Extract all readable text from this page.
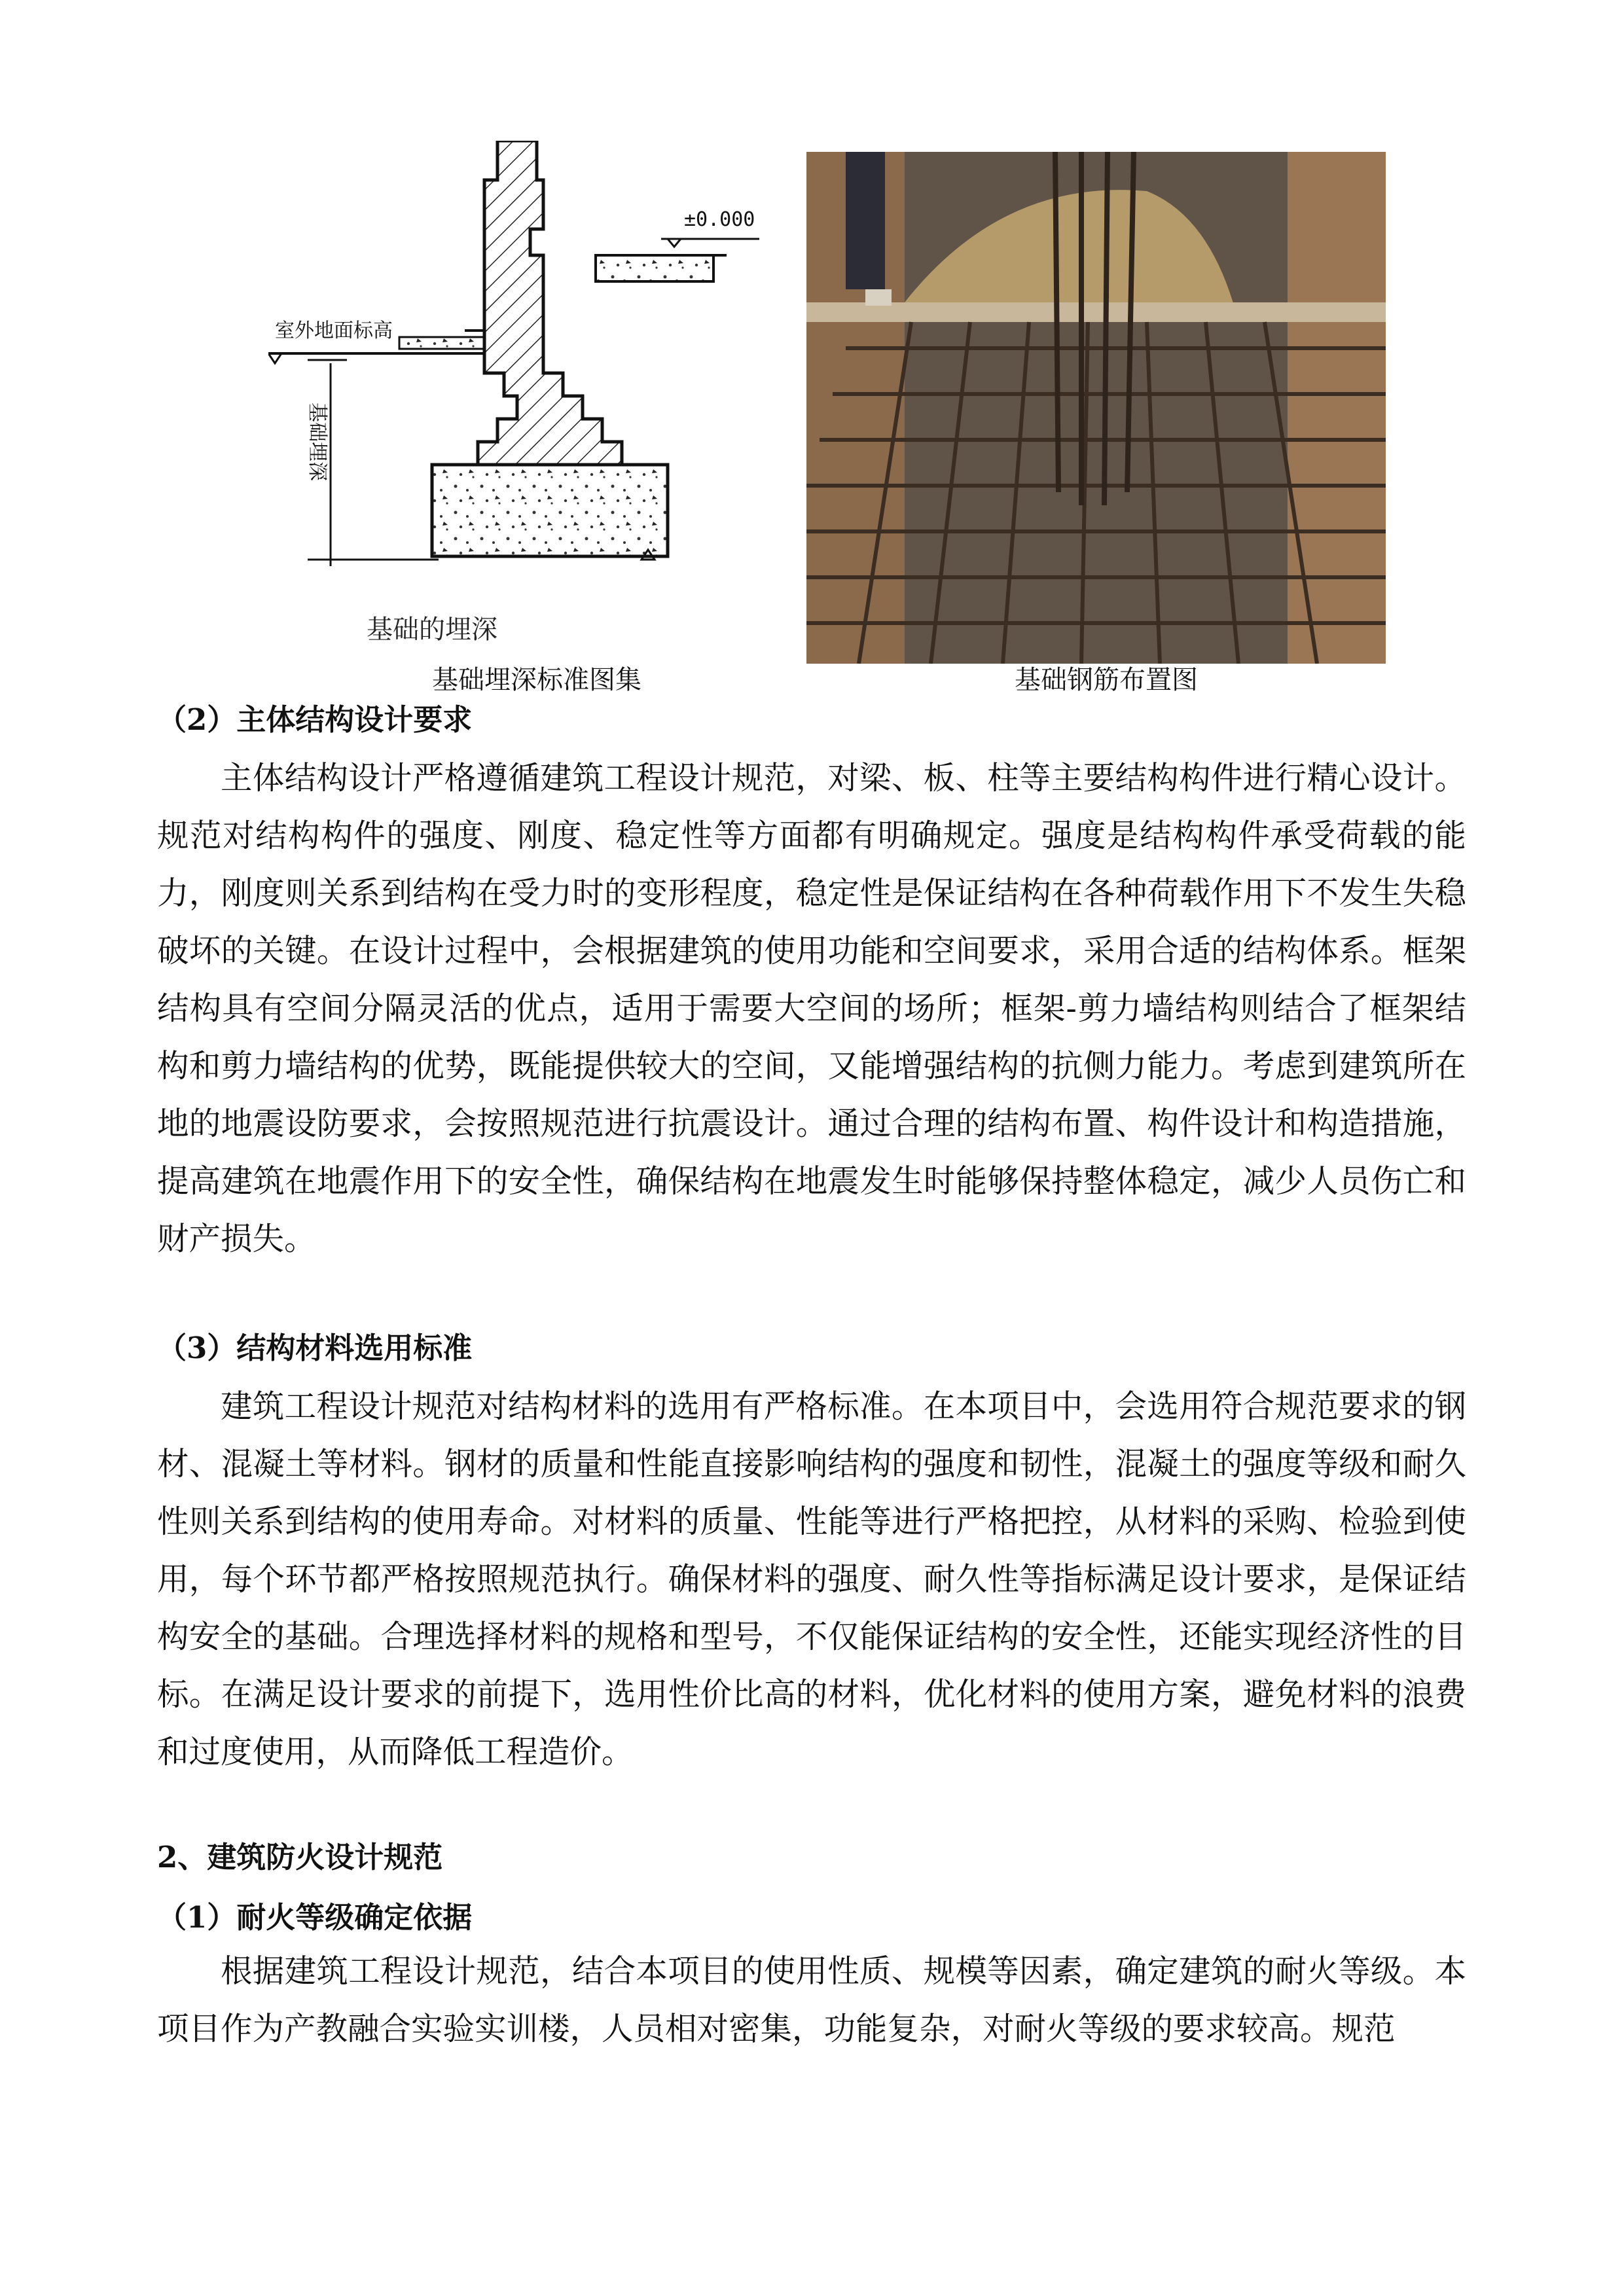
±0.000
室外地面标高
基础埋深
基础的埋深
基础埋深标准图集	基础钢筋布置图
（2）主体结构设计要求

主体结构设计严格遵循建筑工程设计规范，对梁、板、柱等主要结构构件进行精心设计。规范对结构构件的强度、刚度、稳定性等方面都有明确规定。强度是结构构件承受荷载的能力，刚度则关系到结构在受力时的变形程度，稳定性是保证结构在各种荷载作用下不发生失稳破坏的关键。在设计过程中，会根据建筑的使用功能和空间要求，采用合适的结构体系。框架结构具有空间分隔灵活的优点，适用于需要大空间的场所；框架-剪力墙结构则结合了框架结构和剪力墙结构的优势，既能提供较大的空间，又能增强结构的抗侧力能力。考虑到建筑所在地的地震设防要求，会按照规范进行抗震设计。通过合理的结构布置、构件设计和构造措施，提高建筑在地震作用下的安全性，确保结构在地震发生时能够保持整体稳定，减少人员伤亡和财产损失。

（3）结构材料选用标准

建筑工程设计规范对结构材料的选用有严格标准。在本项目中，会选用符合规范要求的钢材、混凝土等材料。钢材的质量和性能直接影响结构的强度和韧性，混凝土的强度等级和耐久性则关系到结构的使用寿命。对材料的质量、性能等进行严格把控，从材料的采购、检验到使用，每个环节都严格按照规范执行。确保材料的强度、耐久性等指标满足设计要求，是保证结构安全的基础。合理选择材料的规格和型号，不仅能保证结构的安全性，还能实现经济性的目标。在满足设计要求的前提下，选用性价比高的材料，优化材料的使用方案，避免材料的浪费和过度使用，从而降低工程造价。

2、建筑防火设计规范
（1）耐火等级确定依据

根据建筑工程设计规范，结合本项目的使用性质、规模等因素，确定建筑的耐火等级。本项目作为产教融合实验实训楼，人员相对密集，功能复杂，对耐火等级的要求较高。规范
